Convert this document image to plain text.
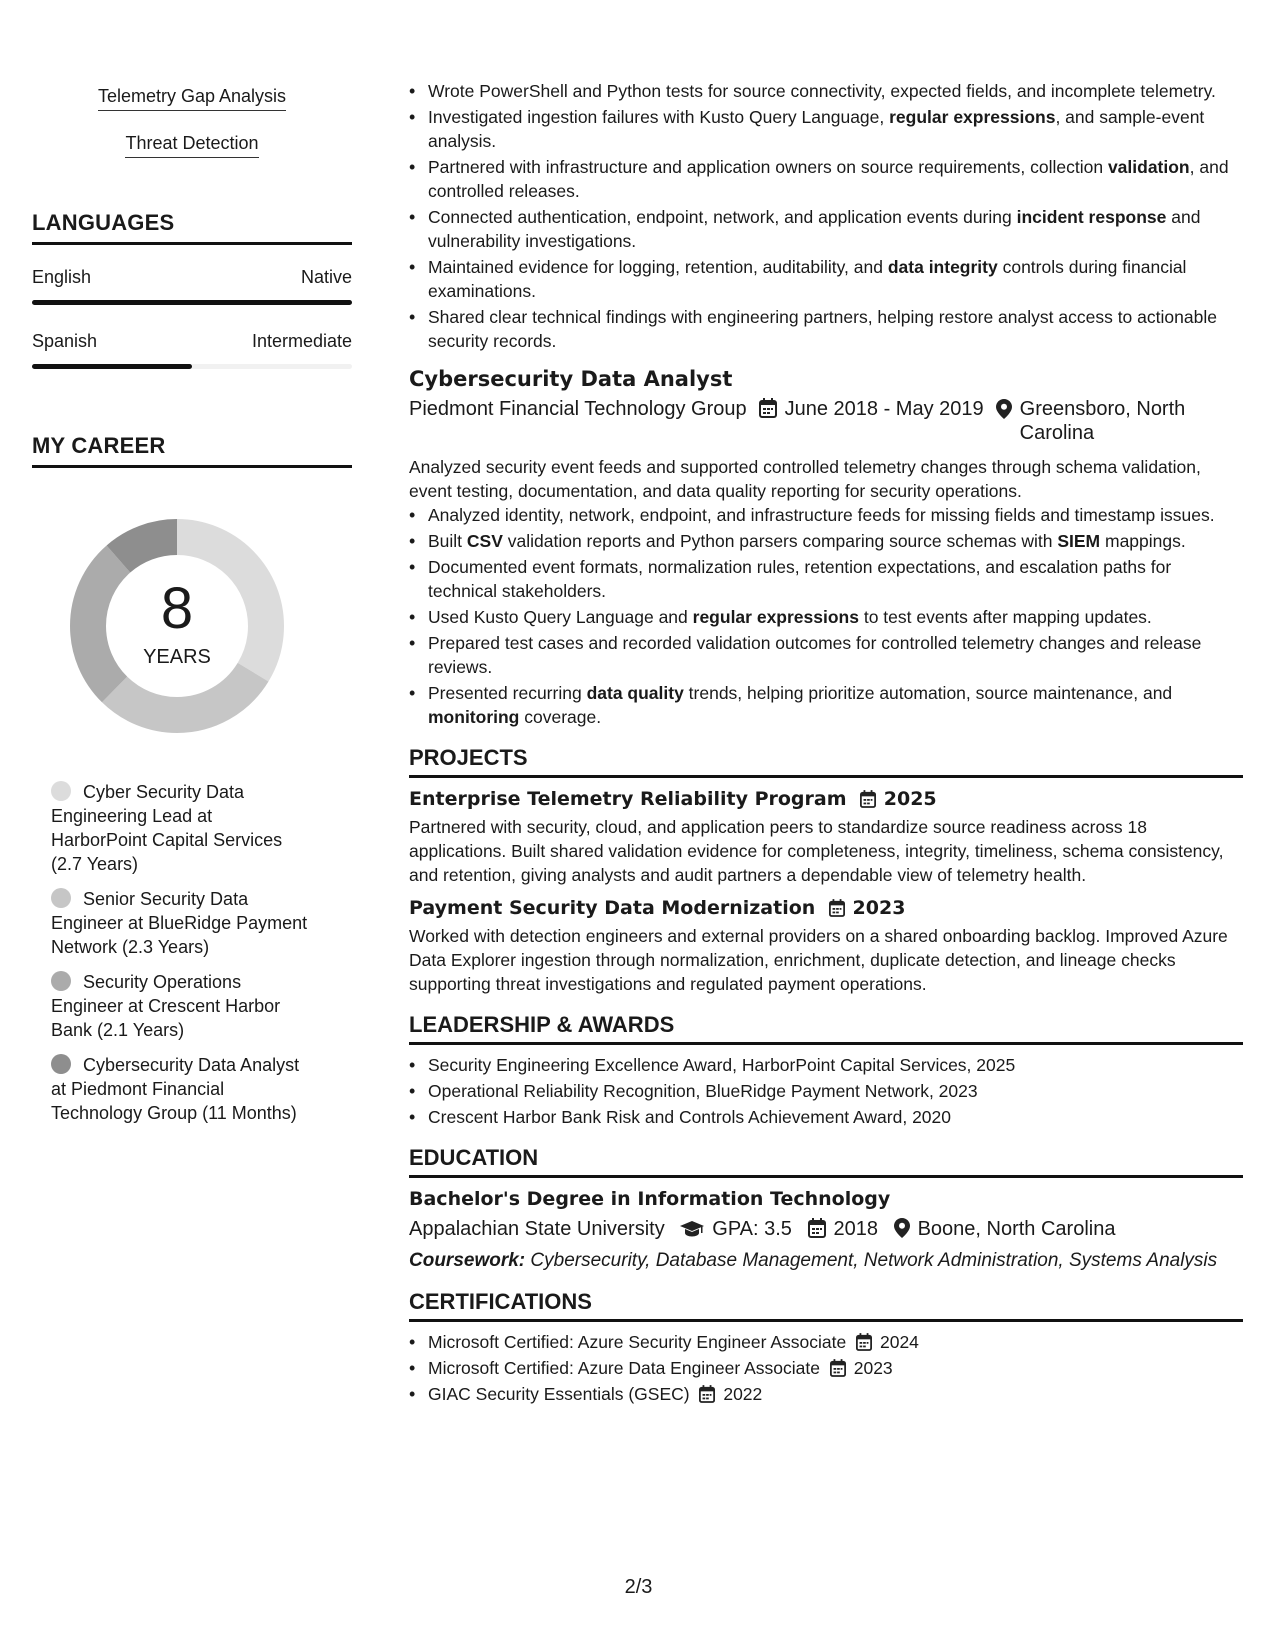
Telemetry Gap Analysis
Threat Detection
LANGUAGES
English	Native
Spanish	Intermediate
MY CAREER
8
YEARS
Cyber Security Data Engineering Lead at HarborPoint Capital Services (2.7 Years)
Senior Security Data Engineer at BlueRidge Payment Network (2.3 Years)
Security Operations Engineer at Crescent Harbor Bank (2.1 Years)
Cybersecurity Data Analyst at Piedmont Financial Technology Group (11 Months)
• Wrote PowerShell and Python tests for source connectivity, expected fields, and incomplete telemetry.
• Investigated ingestion failures with Kusto Query Language, regular expressions, and sample-event analysis.
• Partnered with infrastructure and application owners on source requirements, collection validation, and controlled releases.
• Connected authentication, endpoint, network, and application events during incident response and vulnerability investigations.
• Maintained evidence for logging, retention, auditability, and data integrity controls during financial examinations.
• Shared clear technical findings with engineering partners, helping restore analyst access to actionable security records.
Cybersecurity Data Analyst
Piedmont Financial Technology Group	June 2018 - May 2019 Greensboro, North Carolina
Analyzed security event feeds and supported controlled telemetry changes through schema validation, event testing, documentation, and data quality reporting for security operations.
• Analyzed identity, network, endpoint, and infrastructure feeds for missing fields and timestamp issues.
• Built CSV validation reports and Python parsers comparing source schemas with SIEM mappings.
• Documented event formats, normalization rules, retention expectations, and escalation paths for technical stakeholders.
• Used Kusto Query Language and regular expressions to test events after mapping updates.
• Prepared test cases and recorded validation outcomes for controlled telemetry changes and release reviews.
• Presented recurring data quality trends, helping prioritize automation, source maintenance, and monitoring coverage.
PROJECTS
Enterprise Telemetry Reliability Program 2025
Partnered with security, cloud, and application peers to standardize source readiness across 18 applications. Built shared validation evidence for completeness, integrity, timeliness, schema consistency, and retention, giving analysts and audit partners a dependable view of telemetry health.
Payment Security Data Modernization 2023
Worked with detection engineers and external providers on a shared onboarding backlog. Improved Azure Data Explorer ingestion through normalization, enrichment, duplicate detection, and lineage checks supporting threat investigations and regulated payment operations.
LEADERSHIP & AWARDS
• Security Engineering Excellence Award, HarborPoint Capital Services, 2025
• Operational Reliability Recognition, BlueRidge Payment Network, 2023
• Crescent Harbor Bank Risk and Controls Achievement Award, 2020
EDUCATION
Bachelor's Degree in Information Technology
Appalachian State University GPA: 3.5 2018 Boone, North Carolina
Coursework: Cybersecurity, Database Management, Network Administration, Systems Analysis
CERTIFICATIONS
• Microsoft Certified: Azure Security Engineer Associate 2024
• Microsoft Certified: Azure Data Engineer Associate 2023
• GIAC Security Essentials (GSEC) 2022
2/3
